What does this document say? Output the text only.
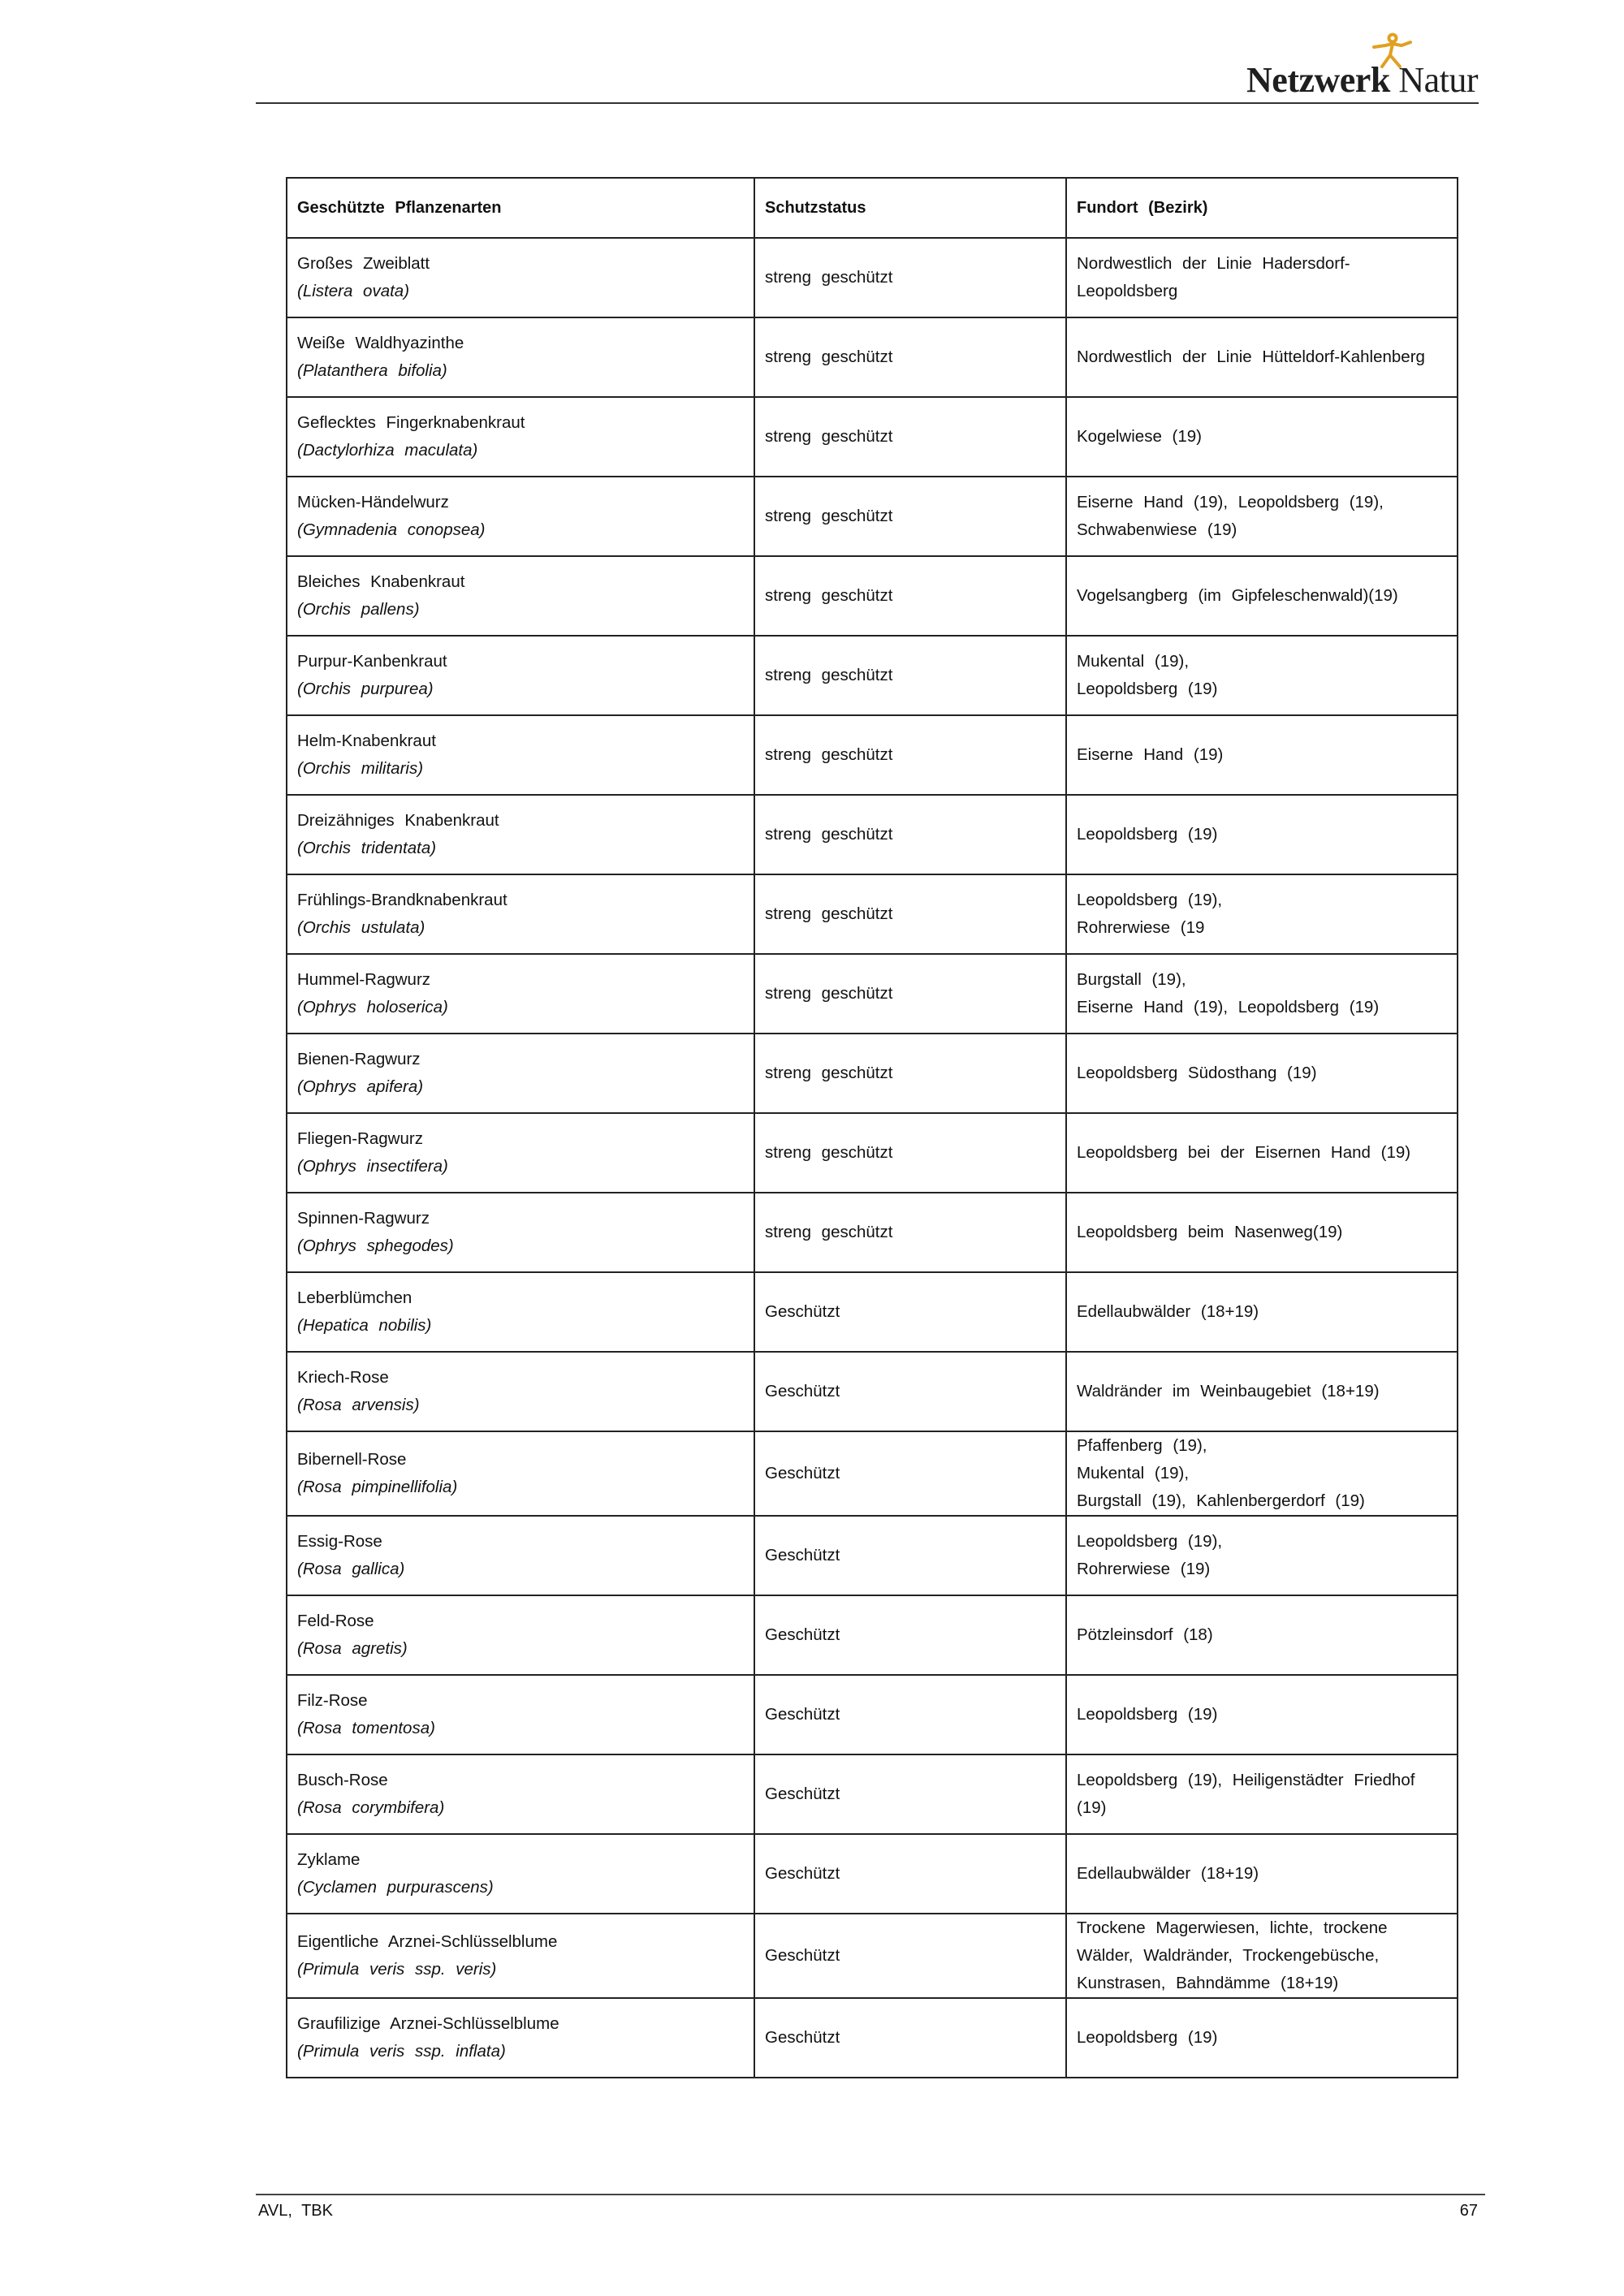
Netzwerk Natur
Geschützte Pflanzenarten	Schutzstatus	Fundort (Bezirk)

Großes Zweiblatt
(Listera ovata)	streng geschützt	Nordwestlich der Linie Hadersdorf-
Leopoldsberg

Weiße Waldhyazinthe
(Platanthera bifolia)	streng geschützt	Nordwestlich der Linie Hütteldorf-Kahlenberg

Geflecktes Fingerknabenkraut
(Dactylorhiza maculata)	streng geschützt	Kogelwiese (19)

Mücken-Händelwurz
(Gymnadenia conopsea)	streng geschützt	Eiserne Hand (19), Leopoldsberg (19),
Schwabenwiese (19)

Bleiches Knabenkraut
(Orchis pallens)	streng geschützt	Vogelsangberg (im Gipfeleschenwald)(19)

Purpur-Kanbenkraut
(Orchis purpurea)	streng geschützt	Mukental (19),
Leopoldsberg (19)

Helm-Knabenkraut
(Orchis militaris)	streng geschützt	Eiserne Hand (19)

Dreizähniges Knabenkraut
(Orchis tridentata)	streng geschützt	Leopoldsberg (19)

Frühlings-Brandknabenkraut
(Orchis ustulata)	streng geschützt	Leopoldsberg (19),
Rohrerwiese (19

Hummel-Ragwurz
(Ophrys holoserica)	streng geschützt	Burgstall (19),
Eiserne Hand (19), Leopoldsberg (19)

Bienen-Ragwurz
(Ophrys apifera)	streng geschützt	Leopoldsberg Südosthang (19)

Fliegen-Ragwurz
(Ophrys insectifera)	streng geschützt	Leopoldsberg bei der Eisernen Hand (19)

Spinnen-Ragwurz
(Ophrys sphegodes)	streng geschützt	Leopoldsberg beim Nasenweg(19)

Leberblümchen
(Hepatica nobilis)	Geschützt	Edellaubwälder (18+19)

Kriech-Rose
(Rosa arvensis)	Geschützt	Waldränder im Weinbaugebiet (18+19)

Bibernell-Rose
(Rosa pimpinellifolia)	Geschützt	Pfaffenberg (19),
Mukental (19),
Burgstall (19), Kahlenbergerdorf (19)

Essig-Rose
(Rosa gallica)	Geschützt	Leopoldsberg (19),
Rohrerwiese (19)

Feld-Rose
(Rosa agretis)	Geschützt	Pötzleinsdorf (18)

Filz-Rose
(Rosa tomentosa)	Geschützt	Leopoldsberg (19)

Busch-Rose
(Rosa corymbifera)	Geschützt	Leopoldsberg (19), Heiligenstädter Friedhof
(19)

Zyklame
(Cyclamen purpurascens)	Geschützt	Edellaubwälder (18+19)

Eigentliche Arznei-Schlüsselblume
(Primula veris ssp. veris)	Geschützt	Trockene Magerwiesen, lichte, trockene
Wälder, Waldränder, Trockengebüsche,
Kunstrasen, Bahndämme (18+19)

Graufilizige Arznei-Schlüsselblume
(Primula veris ssp. inflata)	Geschützt	Leopoldsberg (19)
AVL, TBK	67
